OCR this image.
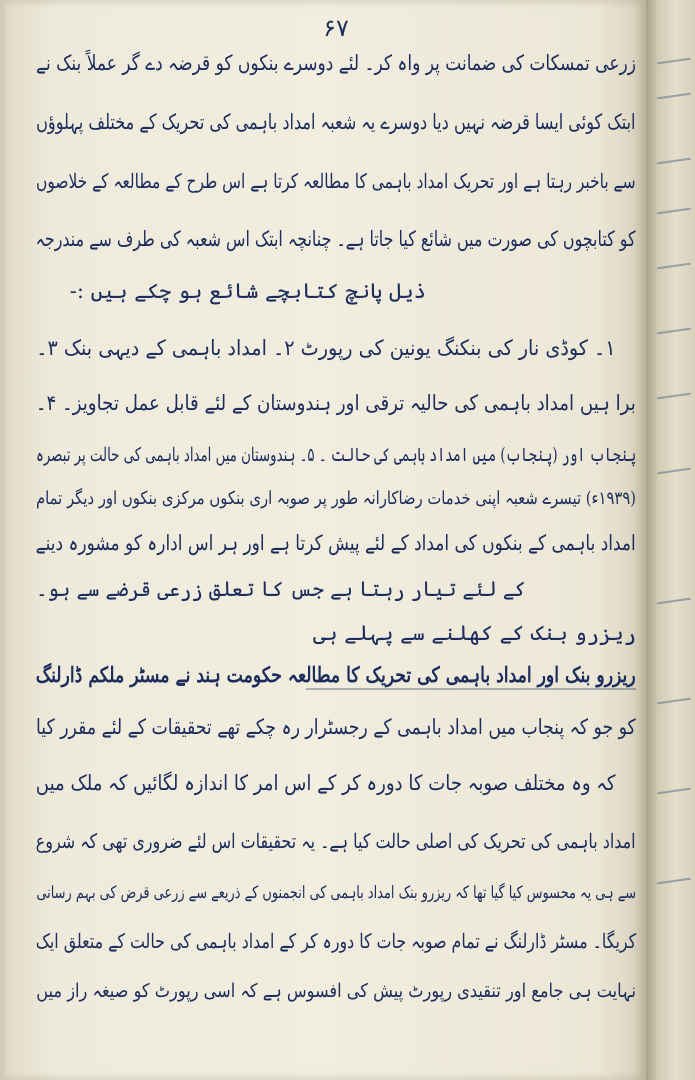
۶۷
زرعی تمسکات کی ضمانت پر واہ کر۔ لئے دوسرے بنکوں کو قرضہ دے گر عملاً بنک نے
ابتک کوئی ایسا قرضہ نہیں دیا دوسرے یہ شعبہ امداد باہمی کی تحریک کے مختلف پہلوؤں
سے باخبر رہتا ہے اور تحریک امداد باہمی کا مطالعہ کرتا ہے اس طرح کے مطالعہ کے خلاصوں
کو کتابچوں کی صورت میں شائع کیا جاتا ہے۔ چنانچہ ابتک اس شعبہ کی طرف سے مندرجہ
ذیل پانچ کتابچے شائع ہو چکے ہیں :-
۱۔ کوڈی نار کی بنکنگ یونین کی رپورٹ ۲۔ امداد باہمی کے دیہی بنک ۳۔
برا ہیں امداد باہمی کی حالیہ ترقی اور ہندوستان کے لئے قابل عمل تجاویز۔ ۴۔
پنجاب اور (پنجاب) میں امداد باہمی کی حالت ۔ ۵۔ ہندوستان میں امداد باہمی کی حالت پر تبصرہ
(۱۹۳۹ء) تیسرے شعبہ اپنی خدمات رضاکارانہ طور پر صوبہ اری بنکوں مرکزی بنکوں اور دیگر تمام
امداد باہمی کے بنکوں کی امداد کے لئے پیش کرتا ہے اور ہر اس ادارہ کو مشورہ دینے
کے لئے تیار رہتا ہے جس کا تعلق زرعی قرضے سے ہو۔
ریزرو بنک کے کھلنے سے پہلے ہی
ریزرو بنک اور امداد باہمی کی تحریک کا مطالعہ حکومت ہند نے مسٹر ملکم ڈارلنگ
کو جو کہ پنجاب میں امداد باہمی کے رجسٹرار رہ چکے تھے تحقیقات کے لئے مقرر کیا
کہ وہ مختلف صوبہ جات کا دورہ کر کے اس امر کا اندازہ لگائیں کہ ملک میں
امداد باہمی کی تحریک کی اصلی حالت کیا ہے۔ یہ تحقیقات اس لئے ضروری تھی کہ شروع
سے ہی یہ محسوس کیا گیا تھا کہ ریزرو بنک امداد باہمی کی انجمنوں کے ذریعے سے زرعی قرض کی بہم رسانی
کریگا۔ مسٹر ڈارلنگ نے تمام صوبہ جات کا دورہ کر کے امداد باہمی کی حالت کے متعلق ایک
نہایت ہی جامع اور تنقیدی رپورٹ پیش کی افسوس ہے کہ اسی رپورٹ کو صیغہ راز میں
